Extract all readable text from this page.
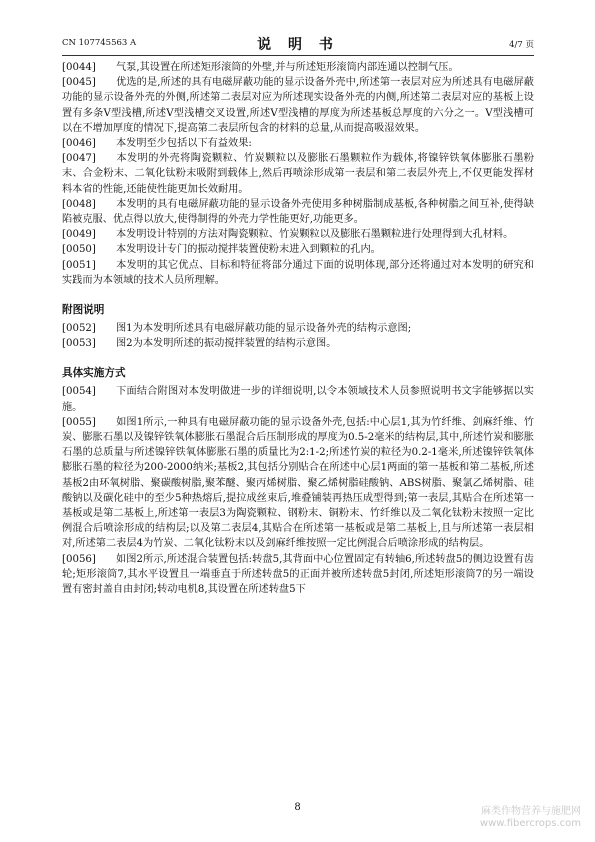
CN 107745563 A	说 明 书	4/7 页

[0044] 气泵,其设置在所述矩形滚筒的外壁,并与所述矩形滚筒内部连通以控制气压。

[0045] 优选的是,所述的具有电磁屏蔽功能的显示设备外壳中,所述第一表层对应为所述具有电磁屏蔽功能的显示设备外壳的外侧,所述第二表层对应为所述现实设备外壳的内侧,所述第二表层对应的基板上设置有多条V型浅槽,所述V型浅槽交叉设置,所述V型浅槽的厚度为所述基板总厚度的六分之一。V型浅槽可以在不增加厚度的情况下,提高第二表层所包含的材料的总量,从而提高吸湿效果。

[0046] 本发明至少包括以下有益效果:

[0047] 本发明的外壳将陶瓷颗粒、竹炭颗粒以及膨胀石墨颗粒作为载体,将镍锌铁氧体膨胀石墨粉末、合金粉末、二氧化钛粉末吸附到载体上,然后再喷涂形成第一表层和第二表层外壳上,不仅更能发挥材料本省的性能,还能使性能更加长效耐用。

[0048] 本发明的具有电磁屏蔽功能的显示设备外壳使用多种树脂制成基板,各种树脂之间互补,使得缺陷被克服、优点得以放大,使得制得的外壳力学性能更好,功能更多。

[0049] 本发明设计特别的方法对陶瓷颗粒、竹炭颗粒以及膨胀石墨颗粒进行处理得到大孔材料。

[0050] 本发明设计专门的振动搅拌装置使粉末进入到颗粒的孔内。

[0051] 本发明的其它优点、目标和特征将部分通过下面的说明体现,部分还将通过对本发明的研究和实践而为本领域的技术人员所理解。

附图说明

[0052] 图1为本发明所述具有电磁屏蔽功能的显示设备外壳的结构示意图;

[0053] 图2为本发明所述的振动搅拌装置的结构示意图。

具体实施方式

[0054] 下面结合附图对本发明做进一步的详细说明,以令本领域技术人员参照说明书文字能够据以实施。

[0055] 如图1所示,一种具有电磁屏蔽功能的显示设备外壳,包括:中心层1,其为竹纤维、剑麻纤维、竹炭、膨胀石墨以及镍锌铁氧体膨胀石墨混合后压制形成的厚度为0.5-2毫米的结构层,其中,所述竹炭和膨胀石墨的总质量与所述镍锌铁氧体膨胀石墨的质量比为2:1-2;所述竹炭的粒径为0.2-1毫米,所述镍锌铁氧体膨胀石墨的粒径为200-2000纳米;基板2,其包括分别贴合在所述中心层1两面的第一基板和第二基板,所述基板2由环氧树脂、聚碳酸树脂,聚苯醚、聚丙烯树脂、聚乙烯树脂硅酸钠、ABS树脂、聚氯乙烯树脂、硅酸钠以及碳化硅中的至少5种热熔后,提拉成丝束后,堆叠铺装再热压成型得到;第一表层,其贴合在所述第一基板或是第二基板上,所述第一表层3为陶瓷颗粒、钢粉末、铜粉末、竹纤维以及二氧化钛粉末按照一定比例混合后喷涂形成的结构层;以及第二表层4,其贴合在所述第一基板或是第二基板上,且与所述第一表层相对,所述第二表层4为竹炭、二氧化钛粉末以及剑麻纤维按照一定比例混合后喷涂形成的结构层。

[0056] 如图2所示,所述混合装置包括:转盘5,其背面中心位置固定有转轴6,所述转盘5的侧边设置有齿轮;矩形滚筒7,其水平设置且一端垂直于所述转盘5的正面并被所述转盘5封闭,所述矩形滚筒7的另一端设置有密封盖自由封闭;转动电机8,其设置在所述转盘5下

8	麻类作物营养与施肥网
www.fibercrops.com
